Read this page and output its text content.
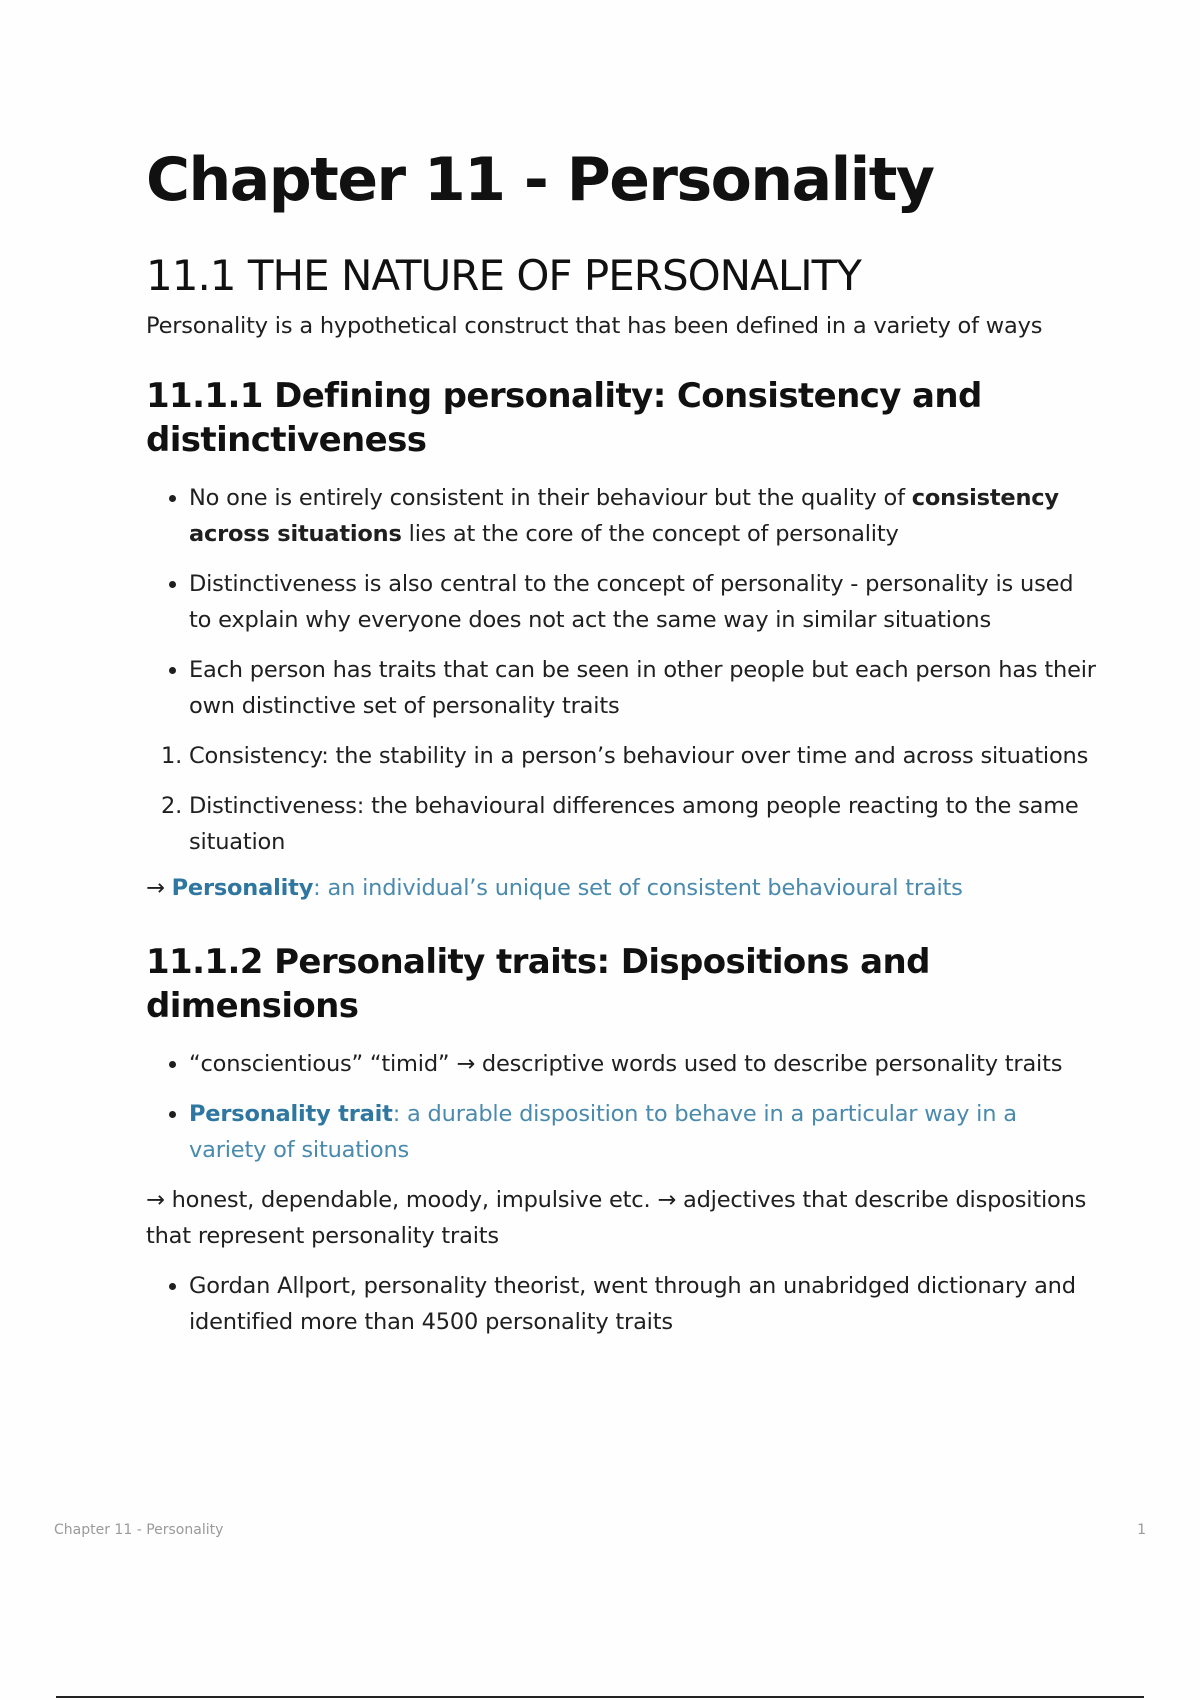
Chapter 11 - Personality
11.1 THE NATURE OF PERSONALITY

Personality is a hypothetical construct that has been defined in a variety of ways

11.1.1 Defining personality: Consistency and distinctiveness
• No one is entirely consistent in their behaviour but the quality of consistency across situations lies at the core of the concept of personality
• Distinctiveness is also central to the concept of personality - personality is used to explain why everyone does not act the same way in similar situations
• Each person has traits that can be seen in other people but each person has their own distinctive set of personality traits
1. Consistency: the stability in a person’s behaviour over time and across situations
2. Distinctiveness: the behavioural differences among people reacting to the same situation

→ Personality: an individual’s unique set of consistent behavioural traits

11.1.2 Personality traits: Dispositions and dimensions
• “conscientious” “timid” → descriptive words used to describe personality traits
• Personality trait: a durable disposition to behave in a particular way in a variety of situations

→ honest, dependable, moody, impulsive etc. → adjectives that describe dispositions that represent personality traits

• Gordan Allport, personality theorist, went through an unabridged dictionary and identified more than 4500 personality traits
Chapter 11 - Personality	1
